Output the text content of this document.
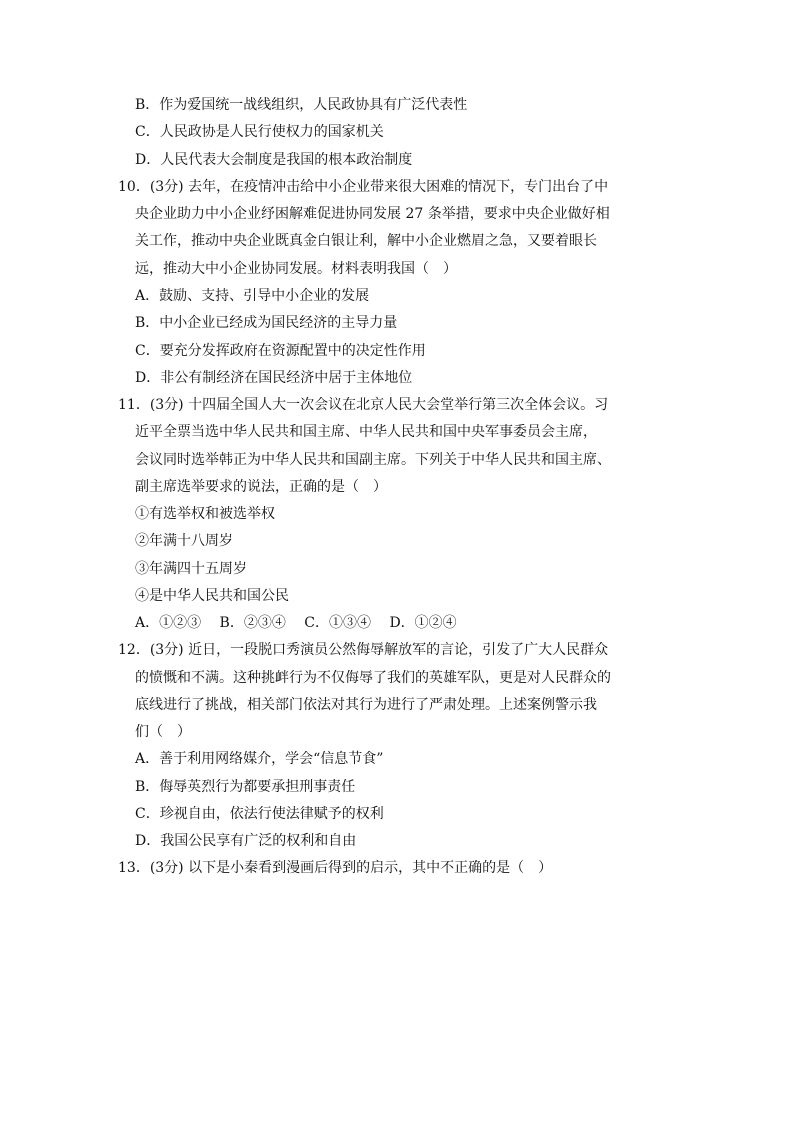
B．作为爱国统一战线组织，人民政协具有广泛代表性
C．人民政协是人民行使权力的国家机关
D．人民代表大会制度是我国的根本政治制度
10．(3分) 去年，在疫情冲击给中小企业带来很大困难的情况下，专门出台了中
央企业助力中小企业纾困解难促进协同发展 27 条举措，要求中央企业做好相
关工作，推动中央企业既真金白银让利，解中小企业燃眉之急，又要着眼长
远，推动大中小企业协同发展。材料表明我国（　）
A．鼓励、支持、引导中小企业的发展
B．中小企业已经成为国民经济的主导力量
C．要充分发挥政府在资源配置中的决定性作用
D．非公有制经济在国民经济中居于主体地位
11．(3分) 十四届全国人大一次会议在北京人民大会堂举行第三次全体会议。习
近平全票当选中华人民共和国主席、中华人民共和国中央军事委员会主席，
会议同时选举韩正为中华人民共和国副主席。下列关于中华人民共和国主席、
副主席选举要求的说法，正确的是（　）
①有选举权和被选举权
②年满十八周岁
③年满四十五周岁
④是中华人民共和国公民
A．①②③　 B．②③④　 C．①③④　 D．①②④
12．(3分) 近日，一段脱口秀演员公然侮辱解放军的言论，引发了广大人民群众
的愤慨和不满。这种挑衅行为不仅侮辱了我们的英雄军队，更是对人民群众的
底线进行了挑战，相关部门依法对其行为进行了严肃处理。上述案例警示我
们（　）
A．善于利用网络媒介，学会“信息节食”
B．侮辱英烈行为都要承担刑事责任
C．珍视自由，依法行使法律赋予的权利
D．我国公民享有广泛的权利和自由
13．(3分) 以下是小秦看到漫画后得到的启示，其中不正确的是（　）
